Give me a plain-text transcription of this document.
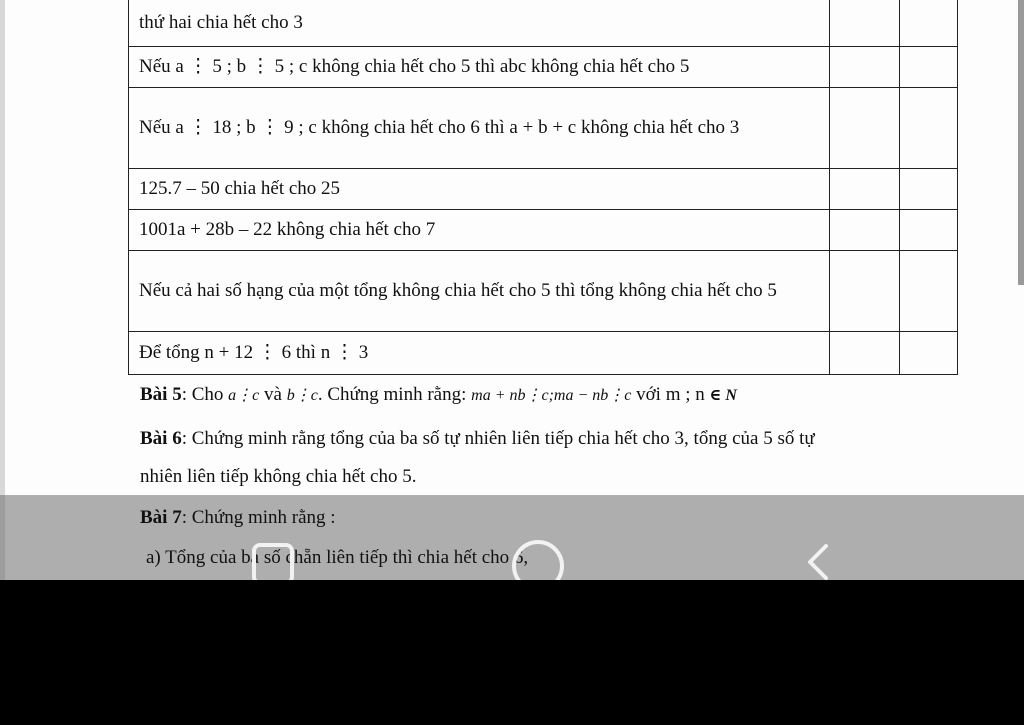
thứ hai chia hết cho 3		
Nếu a ⋮ 5 ; b ⋮ 5 ; c không chia hết cho 5 thì abc không chia hết cho 5		
Nếu a ⋮ 18 ; b ⋮ 9 ; c không chia hết cho 6 thì a + b + c không chia hết cho 3		
125.7 – 50 chia hết cho 25		
1001a + 28b – 22 không chia hết cho 7		
Nếu cả hai số hạng của một tổng không chia hết cho 5 thì tổng không chia hết cho 5		
Để tổng n + 12 ⋮ 6 thì n ⋮ 3		
Bài 5: Cho a⋮c và b⋮c. Chứng minh rằng: ma + nb⋮c;ma − nb⋮c với m ; n ∈ N
Bài 6: Chứng minh rằng tổng của ba số tự nhiên liên tiếp chia hết cho 3, tổng của 5 số tự
nhiên liên tiếp không chia hết cho 5.
Bài 7: Chứng minh rằng :
a) Tổng của ba số chẵn liên tiếp thì chia hết cho 6,
